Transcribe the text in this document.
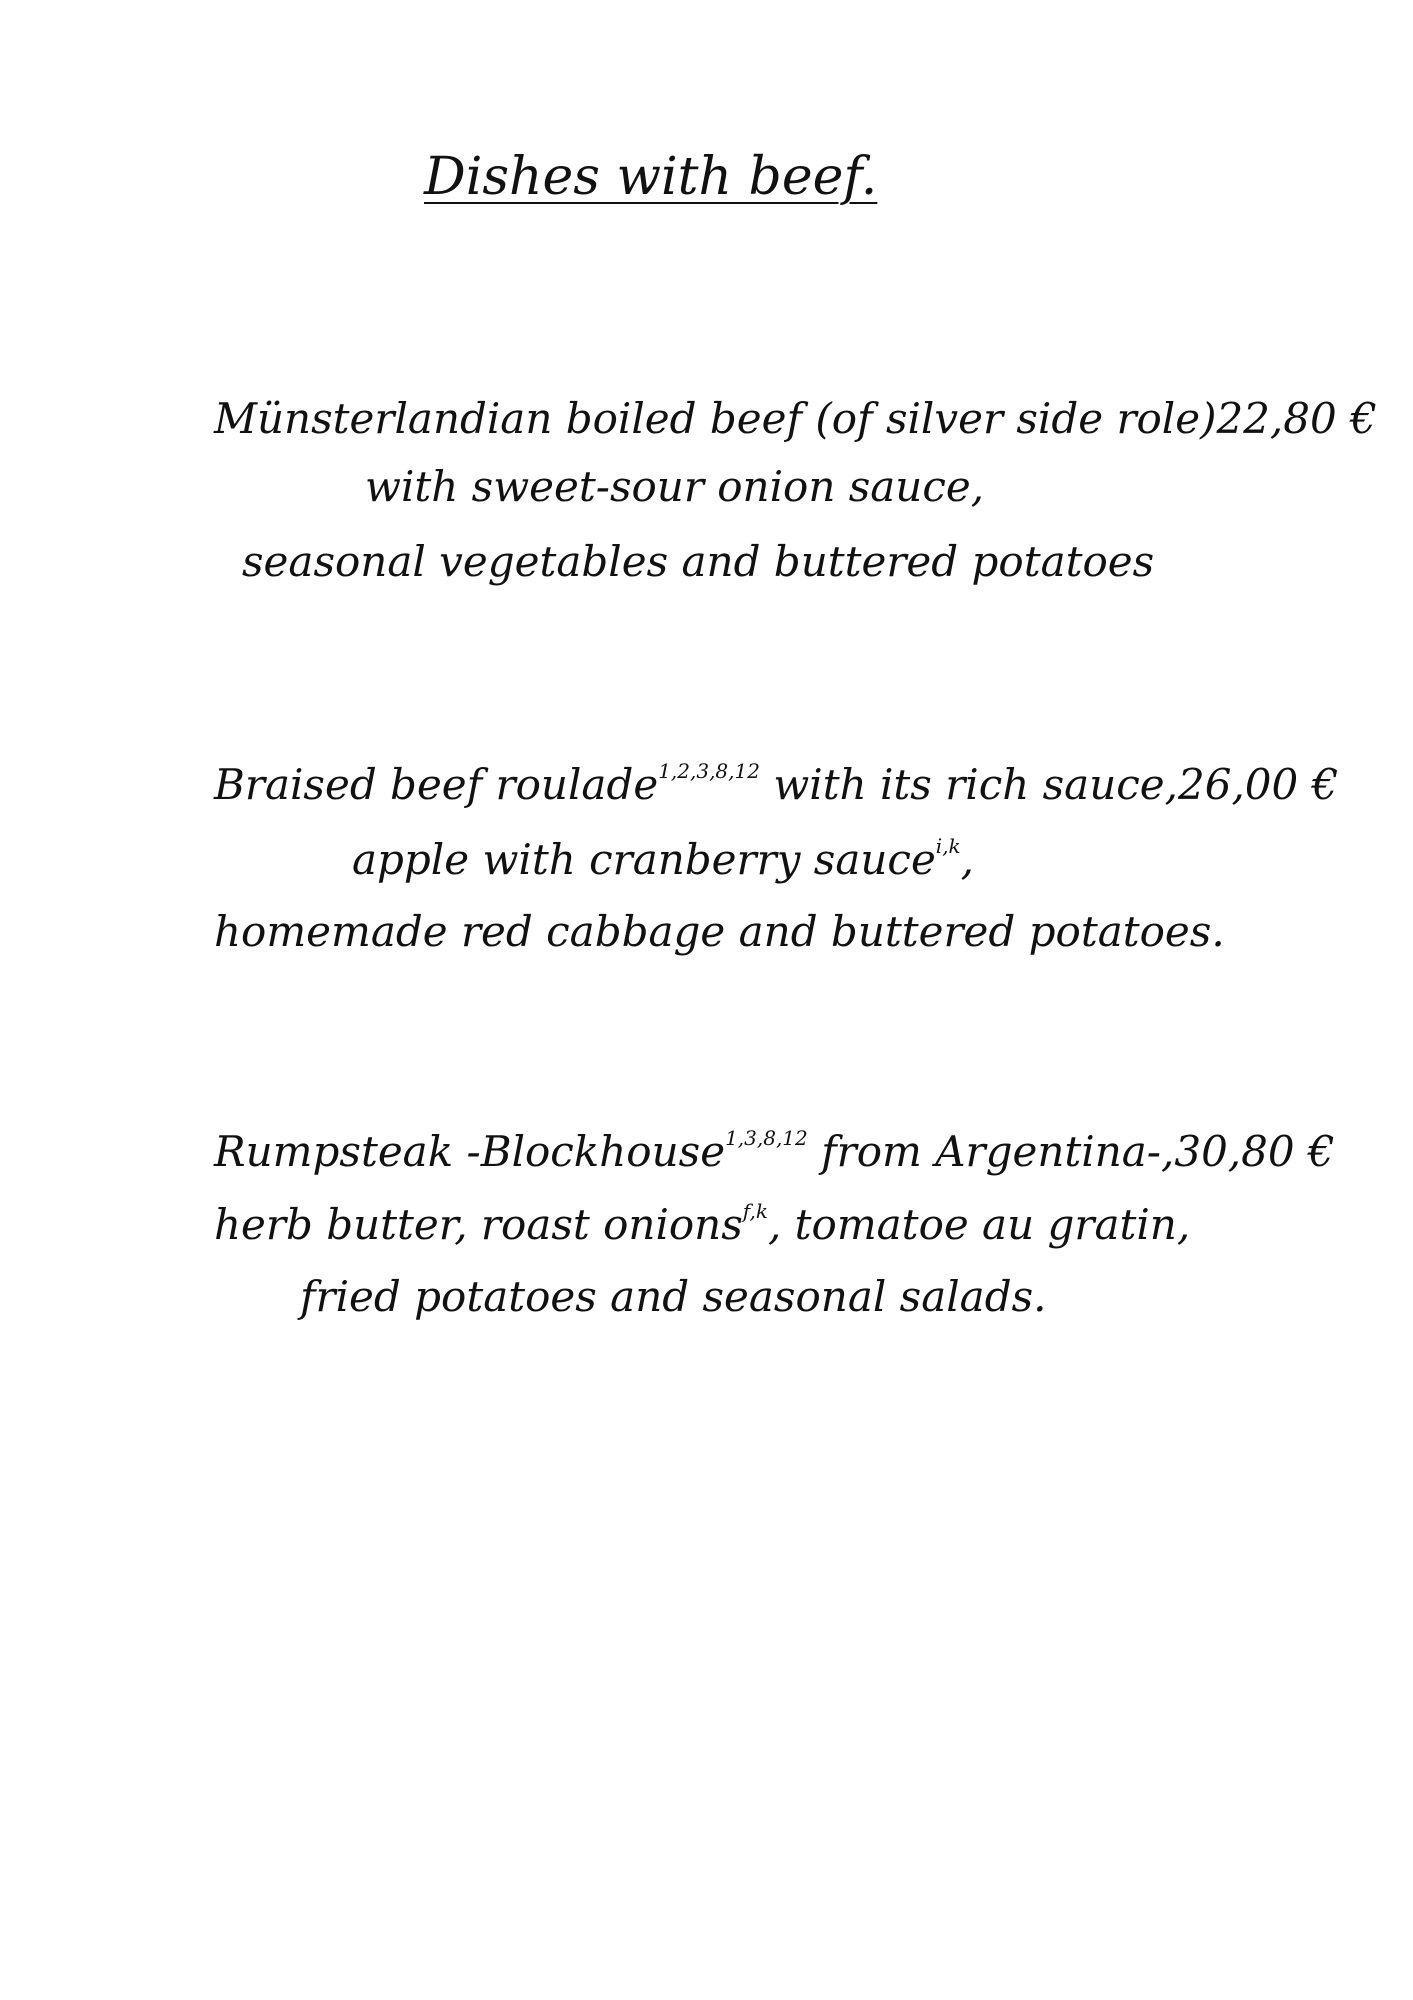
Dishes with beef.
Münsterlandian boiled beef (of silver side role)22,80 €
with sweet-sour onion sauce,
seasonal vegetables and buttered potatoes
Braised beef roulade$^{1,2,3,8,12}$ with its rich sauce,26,00 €
apple with cranberry sauce$^{i,k}$,
homemade red cabbage and buttered potatoes.
Rumpsteak -Blockhouse$^{1,3,8,12}$ from Argentina-,30,80 €
herb butter, roast onions$^{f,k}$, tomatoe au gratin,
fried potatoes and seasonal salads.
